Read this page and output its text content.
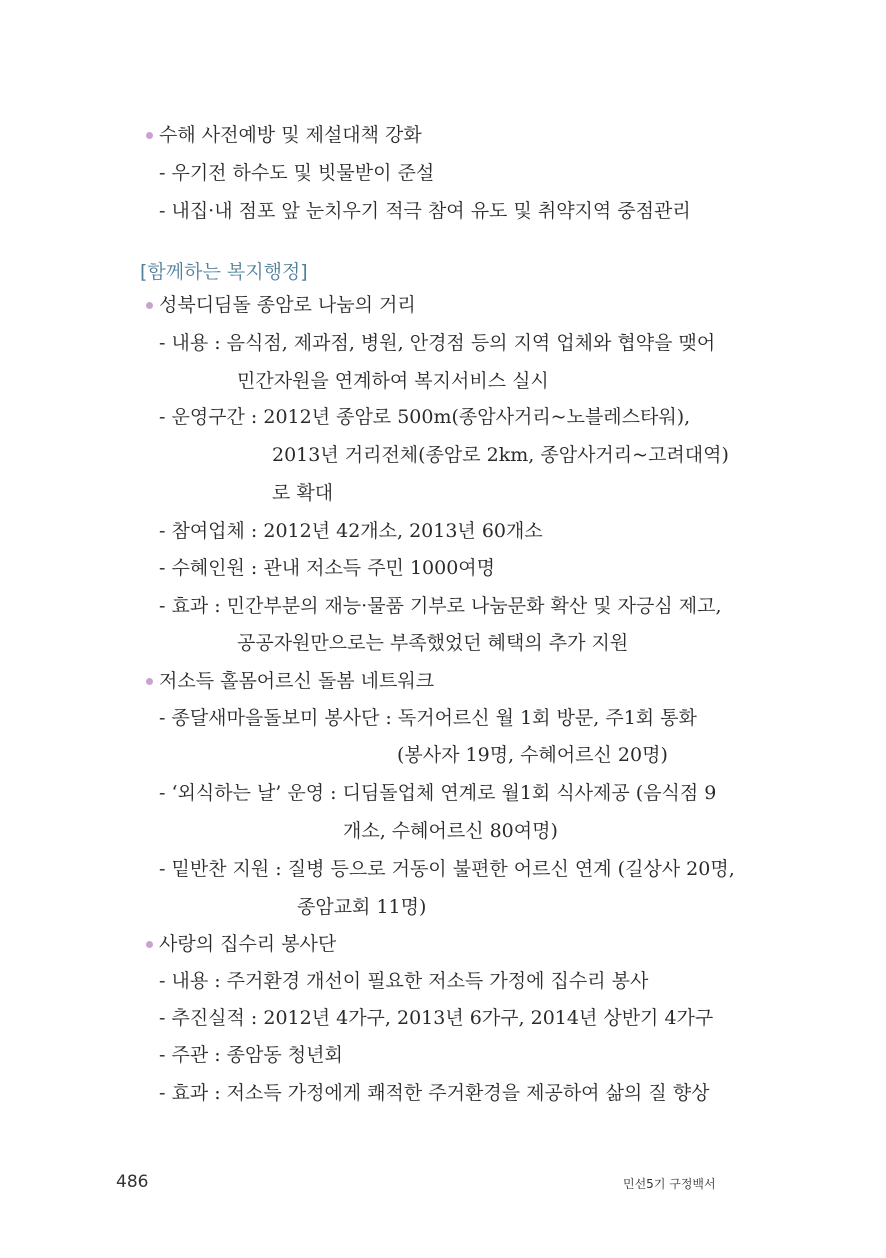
수해 사전예방 및 제설대책 강화
- 우기전 하수도 및 빗물받이 준설
- 내집·내 점포 앞 눈치우기 적극 참여 유도 및 취약지역 중점관리
[함께하는 복지행정]
성북디딤돌 종암로 나눔의 거리
- 내용 : 음식점, 제과점, 병원, 안경점 등의 지역 업체와 협약을 맺어
민간자원을 연계하여 복지서비스 실시
- 운영구간 : 2012년 종암로 500m(종암사거리~노블레스타워),
2013년 거리전체(종암로 2km, 종암사거리~고려대역)
로 확대
- 참여업체 : 2012년 42개소, 2013년 60개소
- 수혜인원 : 관내 저소득 주민 1000여명
- 효과 : 민간부분의 재능·물품 기부로 나눔문화 확산 및 자긍심 제고,
공공자원만으로는 부족했었던 혜택의 추가 지원
저소득 홀몸어르신 돌봄 네트워크
- 종달새마을돌보미 봉사단 : 독거어르신 월 1회 방문, 주1회 통화
(봉사자 19명, 수혜어르신 20명)
- ‘외식하는 날’ 운영 : 디딤돌업체 연계로 월1회 식사제공 (음식점 9
개소, 수혜어르신 80여명)
- 밑반찬 지원 : 질병 등으로 거동이 불편한 어르신 연계 (길상사 20명,
종암교회 11명)
사랑의 집수리 봉사단
- 내용 : 주거환경 개선이 필요한 저소득 가정에 집수리 봉사
- 추진실적 : 2012년 4가구, 2013년 6가구, 2014년 상반기 4가구
- 주관 : 종암동 청년회
- 효과 : 저소득 가정에게 쾌적한 주거환경을 제공하여 삶의 질 향상
486	민선5기 구정백서
